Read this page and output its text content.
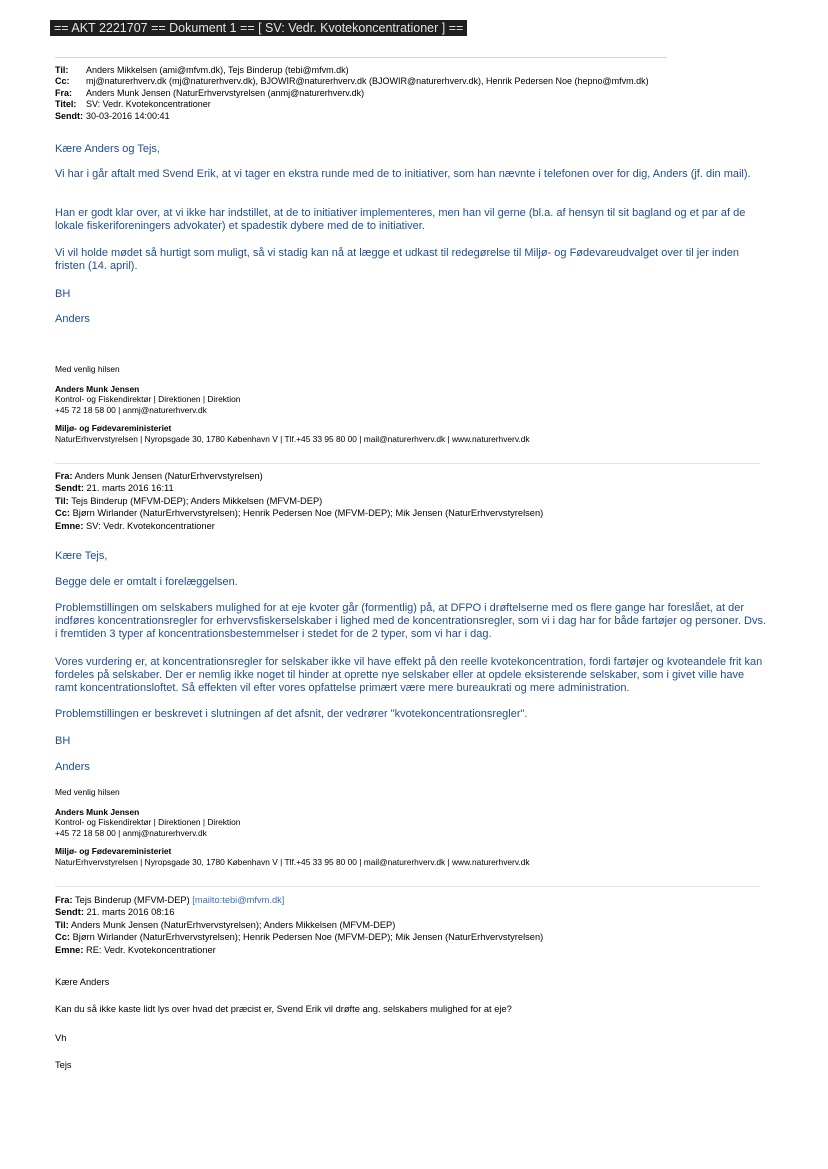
== AKT 2221707 == Dokument 1 == [ SV: Vedr. Kvotekoncentrationer ] ==
Til:	Anders Mikkelsen (ami@mfvm.dk), Tejs Binderup (tebi@mfvm.dk)
Cc:	mj@naturerhverv.dk (mj@naturerhverv.dk), BJOWIR@naturerhverv.dk (BJOWIR@naturerhverv.dk), Henrik Pedersen Noe (hepno@mfvm.dk)
Fra:	Anders Munk Jensen (NaturErhvervstyrelsen (anmj@naturerhverv.dk)
Titel:	SV: Vedr. Kvotekoncentrationer
Sendt: 30-03-2016 14:00:41

Kære Anders og Tejs,

Vi har i går aftalt med Svend Erik, at vi tager en ekstra runde med de to initiativer, som han nævnte i telefonen over for dig, Anders (jf. din mail).

Han er godt klar over, at vi ikke har indstillet, at de to initiativer implementeres, men han vil gerne (bl.a. af hensyn til sit bagland og et par af de lokale fiskeriforeningers advokater) et spadestik dybere med de to initiativer.

Vi vil holde mødet så hurtigt som muligt, så vi stadig kan nå at lægge et udkast til redegørelse til Miljø- og Fødevareudvalget over til jer inden fristen (14. april).

BH

Anders

Med venlig hilsen
Anders Munk Jensen
Kontrol- og Fiskendirektør | Direktionen | Direktion
+45 72 18 58 00 | anmj@naturerhverv.dk
Miljø- og Fødevareministeriet
NaturErhvervstyrelsen | Nyropsgade 30, 1780 København V | Tlf.+45 33 95 80 00 | mail@naturerhverv.dk | www.naturerhverv.dk
Fra: Anders Munk Jensen (NaturErhvervstyrelsen)
Sendt: 21. marts 2016 16:11
Til: Tejs Binderup (MFVM-DEP); Anders Mikkelsen (MFVM-DEP)
Cc: Bjørn Wirlander (NaturErhvervstyrelsen); Henrik Pedersen Noe (MFVM-DEP); Mik Jensen (NaturErhvervstyrelsen)
Emne: SV: Vedr. Kvotekoncentrationer

Kære Tejs,

Begge dele er omtalt i forelæggelsen.

Problemstillingen om selskabers mulighed for at eje kvoter går (formentlig) på, at DFPO i drøftelserne med os flere gange har foreslået, at der indføres koncentrationsregler for erhvervsfiskerselskaber i lighed med de koncentrationsregler, som vi i dag har for både fartøjer og personer. Dvs. i fremtiden 3 typer af koncentrationsbestemmelser i stedet for de 2 typer, som vi har i dag.

Vores vurdering er, at koncentrationsregler for selskaber ikke vil have effekt på den reelle kvotekoncentration, fordi fartøjer og kvoteandele frit kan fordeles på selskaber. Der er nemlig ikke noget til hinder at oprette nye selskaber eller at opdele eksisterende selskaber, som i givet ville have ramt koncentrationsloftet. Så effekten vil efter vores opfattelse primært være mere bureaukrati og mere administration.

Problemstillingen er beskrevet i slutningen af det afsnit, der vedrører "kvotekoncentrationsregler".

BH

Anders

Med venlig hilsen
Anders Munk Jensen
Kontrol- og Fiskendirektør | Direktionen | Direktion
+45 72 18 58 00 | anmj@naturerhverv.dk
Miljø- og Fødevareministeriet
NaturErhvervstyrelsen | Nyropsgade 30, 1780 København V | Tlf.+45 33 95 80 00 | mail@naturerhverv.dk | www.naturerhverv.dk
Fra: Tejs Binderup (MFVM-DEP) [mailto:tebi@mfvm.dk]
Sendt: 21. marts 2016 08:16
Til: Anders Munk Jensen (NaturErhvervstyrelsen); Anders Mikkelsen (MFVM-DEP)
Cc: Bjørn Wirlander (NaturErhvervstyrelsen); Henrik Pedersen Noe (MFVM-DEP); Mik Jensen (NaturErhvervstyrelsen)
Emne: RE: Vedr. Kvotekoncentrationer
Kære Anders
Kan du så ikke kaste lidt lys over hvad det præcist er, Svend Erik vil drøfte ang. selskabers mulighed for at eje?
Vh
Tejs
